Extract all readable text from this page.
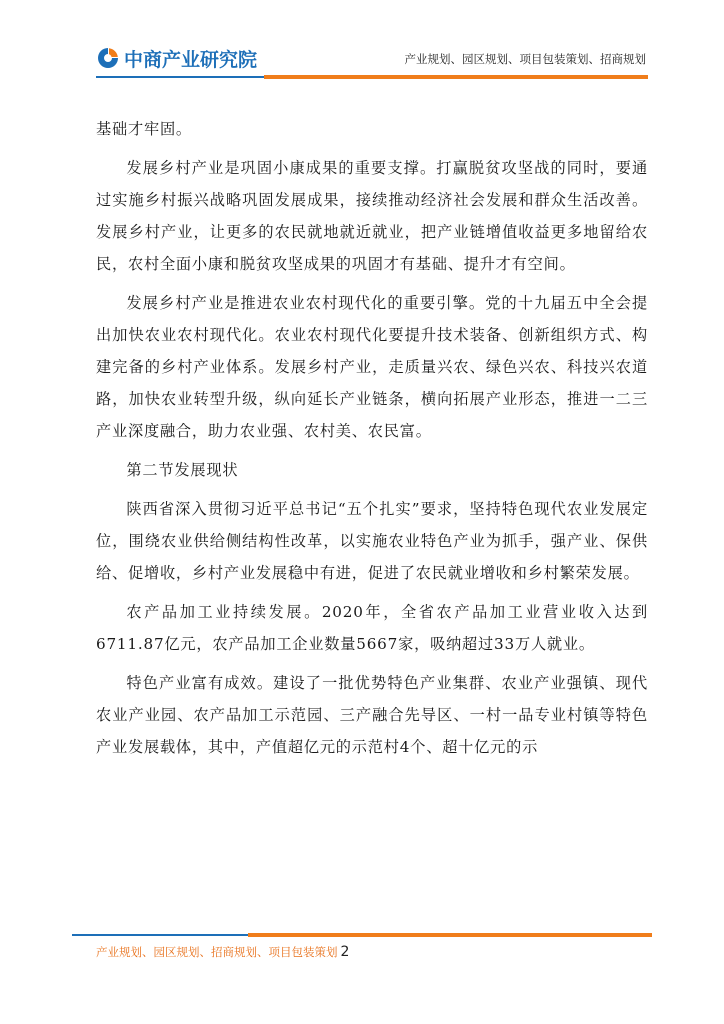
中商产业研究院	产业规划、园区规划、项目包装策划、招商规划

基础才牢固。

发展乡村产业是巩固小康成果的重要支撑。打赢脱贫攻坚战的同时，要通过实施乡村振兴战略巩固发展成果，接续推动经济社会发展和群众生活改善。发展乡村产业，让更多的农民就地就近就业，把产业链增值收益更多地留给农民，农村全面小康和脱贫攻坚成果的巩固才有基础、提升才有空间。

发展乡村产业是推进农业农村现代化的重要引擎。党的十九届五中全会提出加快农业农村现代化。农业农村现代化要提升技术装备、创新组织方式、构建完备的乡村产业体系。发展乡村产业，走质量兴农、绿色兴农、科技兴农道路，加快农业转型升级，纵向延长产业链条，横向拓展产业形态，推进一二三产业深度融合，助力农业强、农村美、农民富。

第二节发展现状

陕西省深入贯彻习近平总书记“五个扎实”要求，坚持特色现代农业发展定位，围绕农业供给侧结构性改革，以实施农业特色产业为抓手，强产业、保供给、促增收，乡村产业发展稳中有进，促进了农民就业增收和乡村繁荣发展。

农产品加工业持续发展。2020年，全省农产品加工业营业收入达到6711.87亿元，农产品加工企业数量5667家，吸纳超过33万人就业。

特色产业富有成效。建设了一批优势特色产业集群、农业产业强镇、现代农业产业园、农产品加工示范园、三产融合先导区、一村一品专业村镇等特色产业发展载体，其中，产值超亿元的示范村4个、超十亿元的示

产业规划、园区规划、招商规划、项目包装策划 2
